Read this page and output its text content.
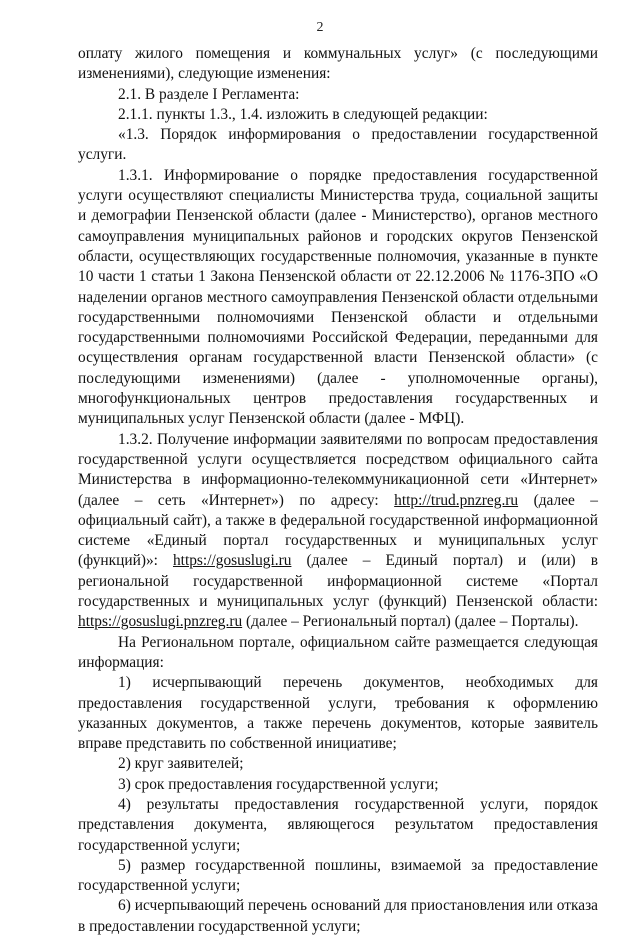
2

оплату жилого помещения и коммунальных услуг» (с последующими изменениями), следующие изменения:

2.1. В разделе I Регламента:

2.1.1. пункты 1.3., 1.4. изложить в следующей редакции:

«1.3. Порядок информирования о предоставлении государственной услуги.

1.3.1. Информирование о порядке предоставления государственной услуги осуществляют специалисты Министерства труда, социальной защиты и демографии Пензенской области (далее - Министерство), органов местного самоуправления муниципальных районов и городских округов Пензенской области, осуществляющих государственные полномочия, указанные в пункте 10 части 1 статьи 1 Закона Пензенской области от 22.12.2006 № 1176-ЗПО «О наделении органов местного самоуправления Пензенской области отдельными государственными полномочиями Пензенской области и отдельными государственными полномочиями Российской Федерации, переданными для осуществления органам государственной власти Пензенской области» (с последующими изменениями) (далее - уполномоченные органы), многофункциональных центров предоставления государственных и муниципальных услуг Пензенской области (далее - МФЦ).

1.3.2. Получение информации заявителями по вопросам предоставления государственной услуги осуществляется посредством официального сайта Министерства в информационно-телекоммуникационной сети «Интернет» (далее – сеть «Интернет») по адресу: http://trud.pnzreg.ru (далее – официальный сайт), а также в федеральной государственной информационной системе «Единый портал государственных и муниципальных услуг (функций)»: https://gosuslugi.ru (далее – Единый портал) и (или) в региональной государственной информационной системе «Портал государственных и муниципальных услуг (функций) Пензенской области: https://gosuslugi.pnzreg.ru (далее – Региональный портал) (далее – Порталы).

На Региональном портале, официальном сайте размещается следующая информация:

1) исчерпывающий перечень документов, необходимых для предоставления государственной услуги, требования к оформлению указанных документов, а также перечень документов, которые заявитель вправе представить по собственной инициативе;

2) круг заявителей;

3) срок предоставления государственной услуги;

4) результаты предоставления государственной услуги, порядок представления документа, являющегося результатом предоставления государственной услуги;

5) размер государственной пошлины, взимаемой за предоставление государственной услуги;

6) исчерпывающий перечень оснований для приостановления или отказа в предоставлении государственной услуги;
